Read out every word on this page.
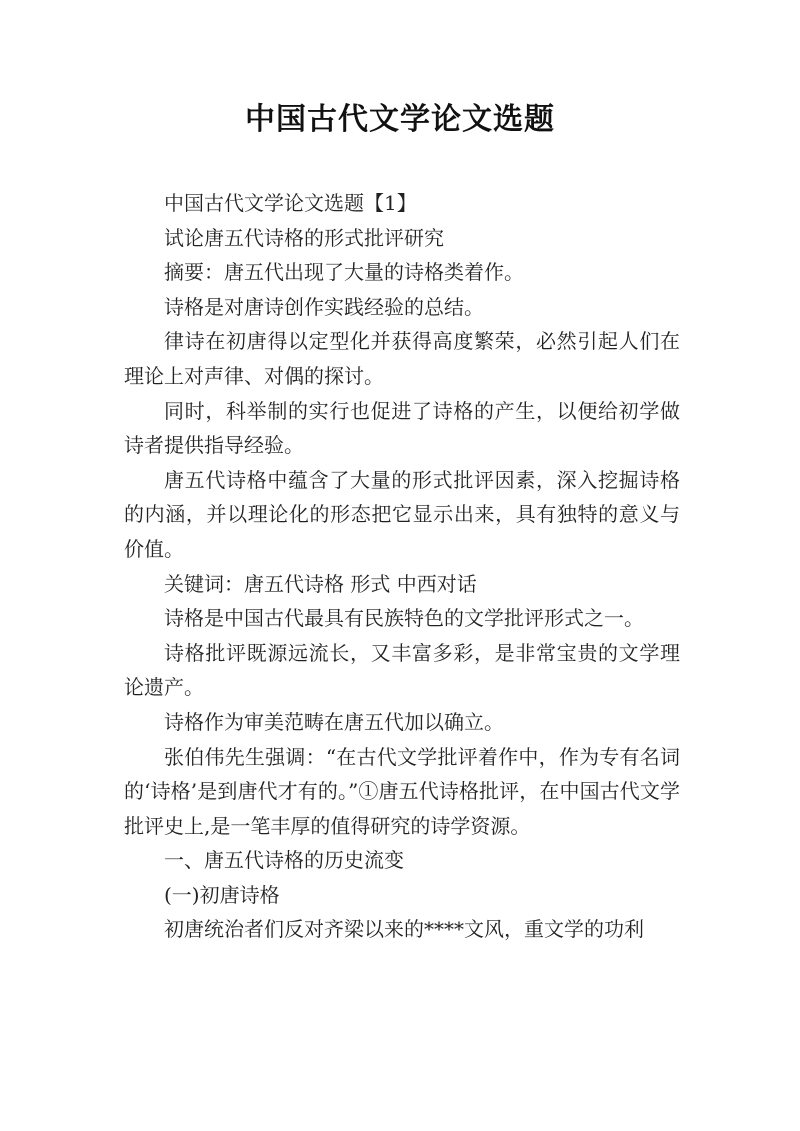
中国古代文学论文选题

中国古代文学论文选题【1】

试论唐五代诗格的形式批评研究

摘要：唐五代出现了大量的诗格类着作。

诗格是对唐诗创作实践经验的总结。

律诗在初唐得以定型化并获得高度繁荣，必然引起人们在理论上对声律、对偶的探讨。

同时，科举制的实行也促进了诗格的产生，以便给初学做诗者提供指导经验。

唐五代诗格中蕴含了大量的形式批评因素，深入挖掘诗格的内涵，并以理论化的形态把它显示出来，具有独特的意义与价值。

关键词：唐五代诗格 形式 中西对话

诗格是中国古代最具有民族特色的文学批评形式之一。

诗格批评既源远流长，又丰富多彩，是非常宝贵的文学理论遗产。

诗格作为审美范畴在唐五代加以确立。

张伯伟先生强调：“在古代文学批评着作中，作为专有名词的‘诗格’是到唐代才有的。”①唐五代诗格批评，在中国古代文学批评史上,是一笔丰厚的值得研究的诗学资源。

一、唐五代诗格的历史流变

(一)初唐诗格

初唐统治者们反对齐梁以来的****文风，重文学的功利
